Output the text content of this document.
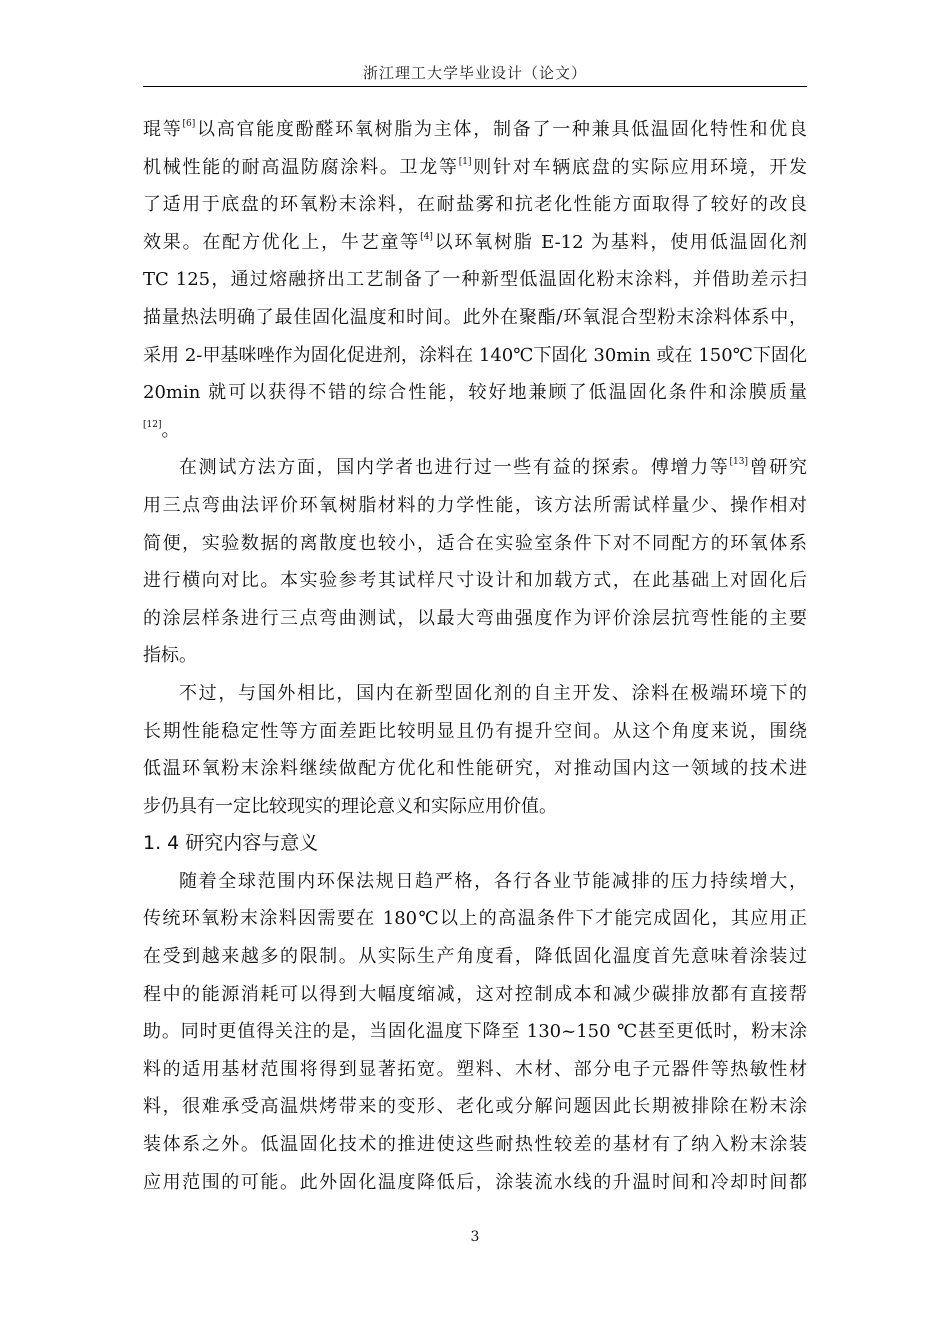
浙江理工大学毕业设计（论文）
琨等[6]以高官能度酚醛环氧树脂为主体，制备了一种兼具低温固化特性和优良
机械性能的耐高温防腐涂料。卫龙等[1]则针对车辆底盘的实际应用环境，开发
了适用于底盘的环氧粉末涂料，在耐盐雾和抗老化性能方面取得了较好的改良
效果。在配方优化上，牛艺童等[4]以环氧树脂 E-12 为基料，使用低温固化剂
TC 125，通过熔融挤出工艺制备了一种新型低温固化粉末涂料，并借助差示扫
描量热法明确了最佳固化温度和时间。此外在聚酯/环氧混合型粉末涂料体系中，
采用 2-甲基咪唑作为固化促进剂，涂料在 140℃下固化 30min 或在 150℃下固化
20min 就可以获得不错的综合性能，较好地兼顾了低温固化条件和涂膜质量
[12]。
在测试方法方面，国内学者也进行过一些有益的探索。傅增力等[13]曾研究
用三点弯曲法评价环氧树脂材料的力学性能，该方法所需试样量少、操作相对
简便，实验数据的离散度也较小，适合在实验室条件下对不同配方的环氧体系
进行横向对比。本实验参考其试样尺寸设计和加载方式，在此基础上对固化后
的涂层样条进行三点弯曲测试，以最大弯曲强度作为评价涂层抗弯性能的主要
指标。
不过，与国外相比，国内在新型固化剂的自主开发、涂料在极端环境下的
长期性能稳定性等方面差距比较明显且仍有提升空间。从这个角度来说，围绕
低温环氧粉末涂料继续做配方优化和性能研究，对推动国内这一领域的技术进
步仍具有一定比较现实的理论意义和实际应用价值。
1. 4 研究内容与意义
随着全球范围内环保法规日趋严格，各行各业节能减排的压力持续增大，
传统环氧粉末涂料因需要在 180℃以上的高温条件下才能完成固化，其应用正
在受到越来越多的限制。从实际生产角度看，降低固化温度首先意味着涂装过
程中的能源消耗可以得到大幅度缩减，这对控制成本和减少碳排放都有直接帮
助。同时更值得关注的是，当固化温度下降至 130~150 ℃甚至更低时，粉末涂
料的适用基材范围将得到显著拓宽。塑料、木材、部分电子元器件等热敏性材
料，很难承受高温烘烤带来的变形、老化或分解问题因此长期被排除在粉末涂
装体系之外。低温固化技术的推进使这些耐热性较差的基材有了纳入粉末涂装
应用范围的可能。此外固化温度降低后，涂装流水线的升温时间和冷却时间都
3
